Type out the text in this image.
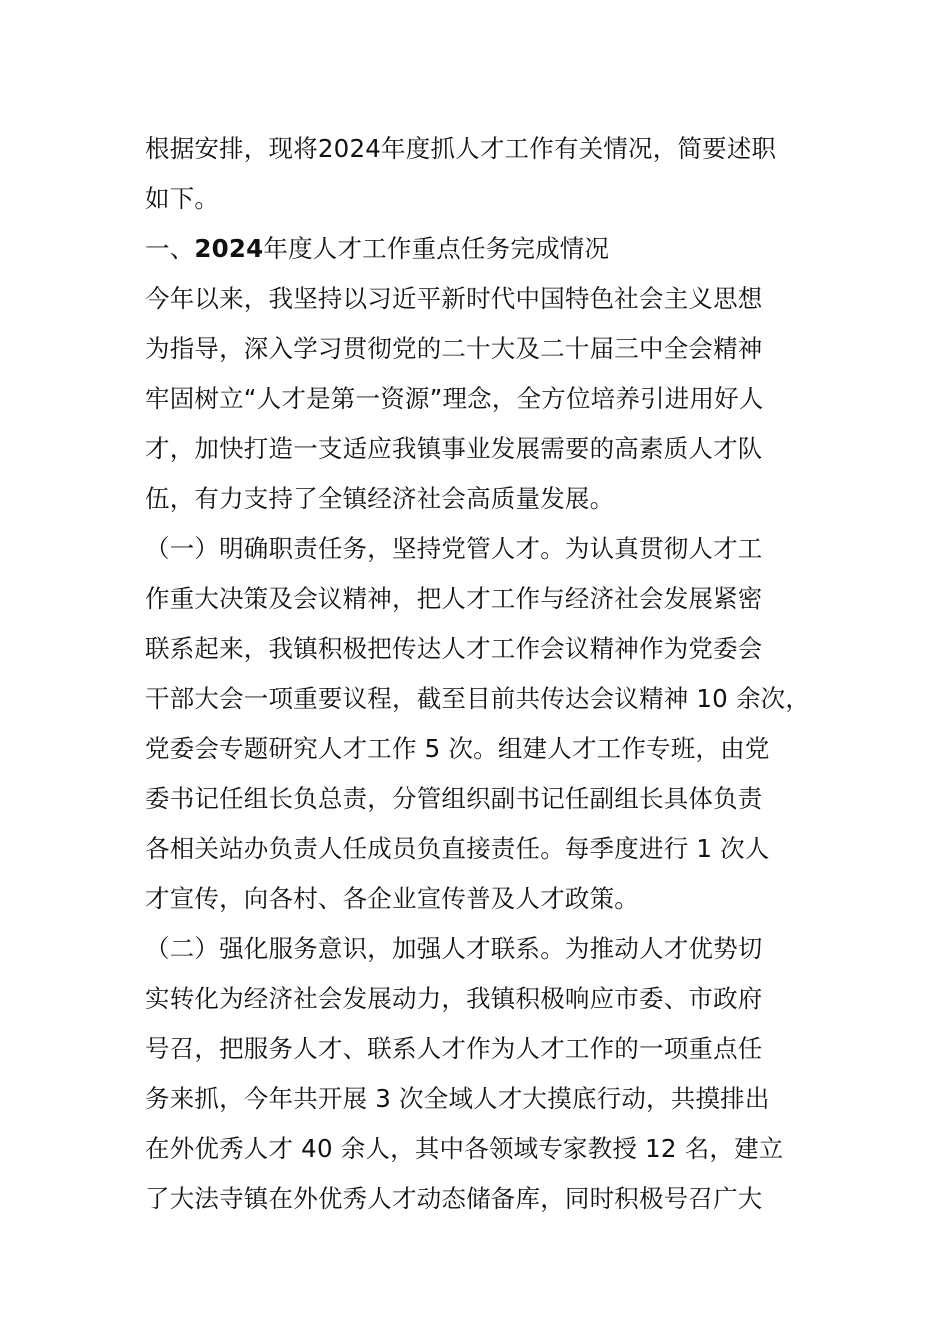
根据安排，现将2024年度抓人才工作有关情况，简要述职
如下。
一、2024年度人才工作重点任务完成情况
今年以来，我坚持以习近平新时代中国特色社会主义思想
为指导，深入学习贯彻党的二十大及二十届三中全会精神
牢固树立“人才是第一资源”理念，全方位培养引进用好人
才，加快打造一支适应我镇事业发展需要的高素质人才队
伍，有力支持了全镇经济社会高质量发展。
（一）明确职责任务，坚持党管人才。为认真贯彻人才工
作重大决策及会议精神，把人才工作与经济社会发展紧密
联系起来，我镇积极把传达人才工作会议精神作为党委会
干部大会一项重要议程，截至目前共传达会议精神 10 余次，
党委会专题研究人才工作 5 次。组建人才工作专班，由党
委书记任组长负总责，分管组织副书记任副组长具体负责
各相关站办负责人任成员负直接责任。每季度进行 1 次人
才宣传，向各村、各企业宣传普及人才政策。
（二）强化服务意识，加强人才联系。为推动人才优势切
实转化为经济社会发展动力，我镇积极响应市委、市政府
号召，把服务人才、联系人才作为人才工作的一项重点任
务来抓，今年共开展 3 次全域人才大摸底行动，共摸排出
在外优秀人才 40 余人，其中各领域专家教授 12 名，建立
了大法寺镇在外优秀人才动态储备库，同时积极号召广大
